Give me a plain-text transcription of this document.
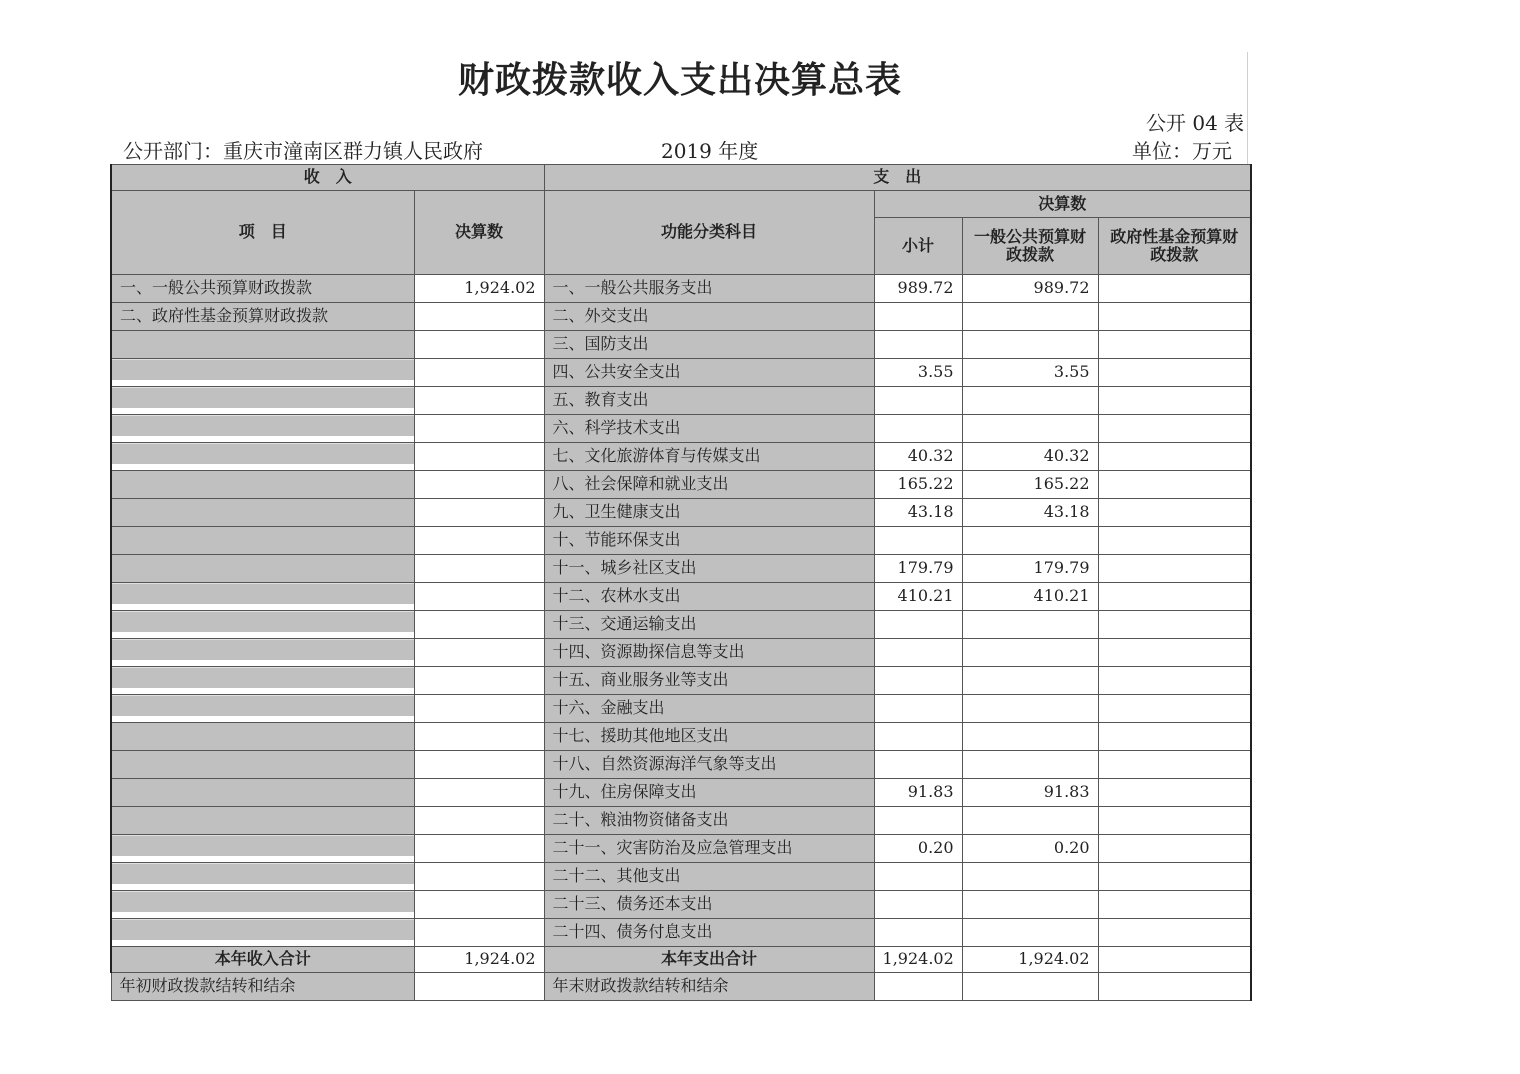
财政拨款收入支出决算总表
公开 04 表
公开部门：重庆市潼南区群力镇人民政府	2019 年度	单位：万元
收　入		支　出			
项　目	决算数	功能分类科目	决算数		
			小计	一般公共预算财政拨款	政府性基金预算财政拨款
一、一般公共预算财政拨款	1,924.02	一、一般公共服务支出	989.72	989.72	
二、政府性基金预算财政拨款		二、外交支出			
		三、国防支出			
		四、公共安全支出	3.55	3.55	
		五、教育支出			
		六、科学技术支出			
		七、文化旅游体育与传媒支出	40.32	40.32	
		八、社会保障和就业支出	165.22	165.22	
		九、卫生健康支出	43.18	43.18	
		十、节能环保支出			
		十一、城乡社区支出	179.79	179.79	
		十二、农林水支出	410.21	410.21	
		十三、交通运输支出			
		十四、资源勘探信息等支出			
		十五、商业服务业等支出			
		十六、金融支出			
		十七、援助其他地区支出			
		十八、自然资源海洋气象等支出			
		十九、住房保障支出	91.83	91.83	
		二十、粮油物资储备支出			
		二十一、灾害防治及应急管理支出	0.20	0.20	
		二十二、其他支出			
		二十三、债务还本支出			
		二十四、债务付息支出			
本年收入合计	1,924.02	本年支出合计	1,924.02	1,924.02	
年初财政拨款结转和结余		年末财政拨款结转和结余			
